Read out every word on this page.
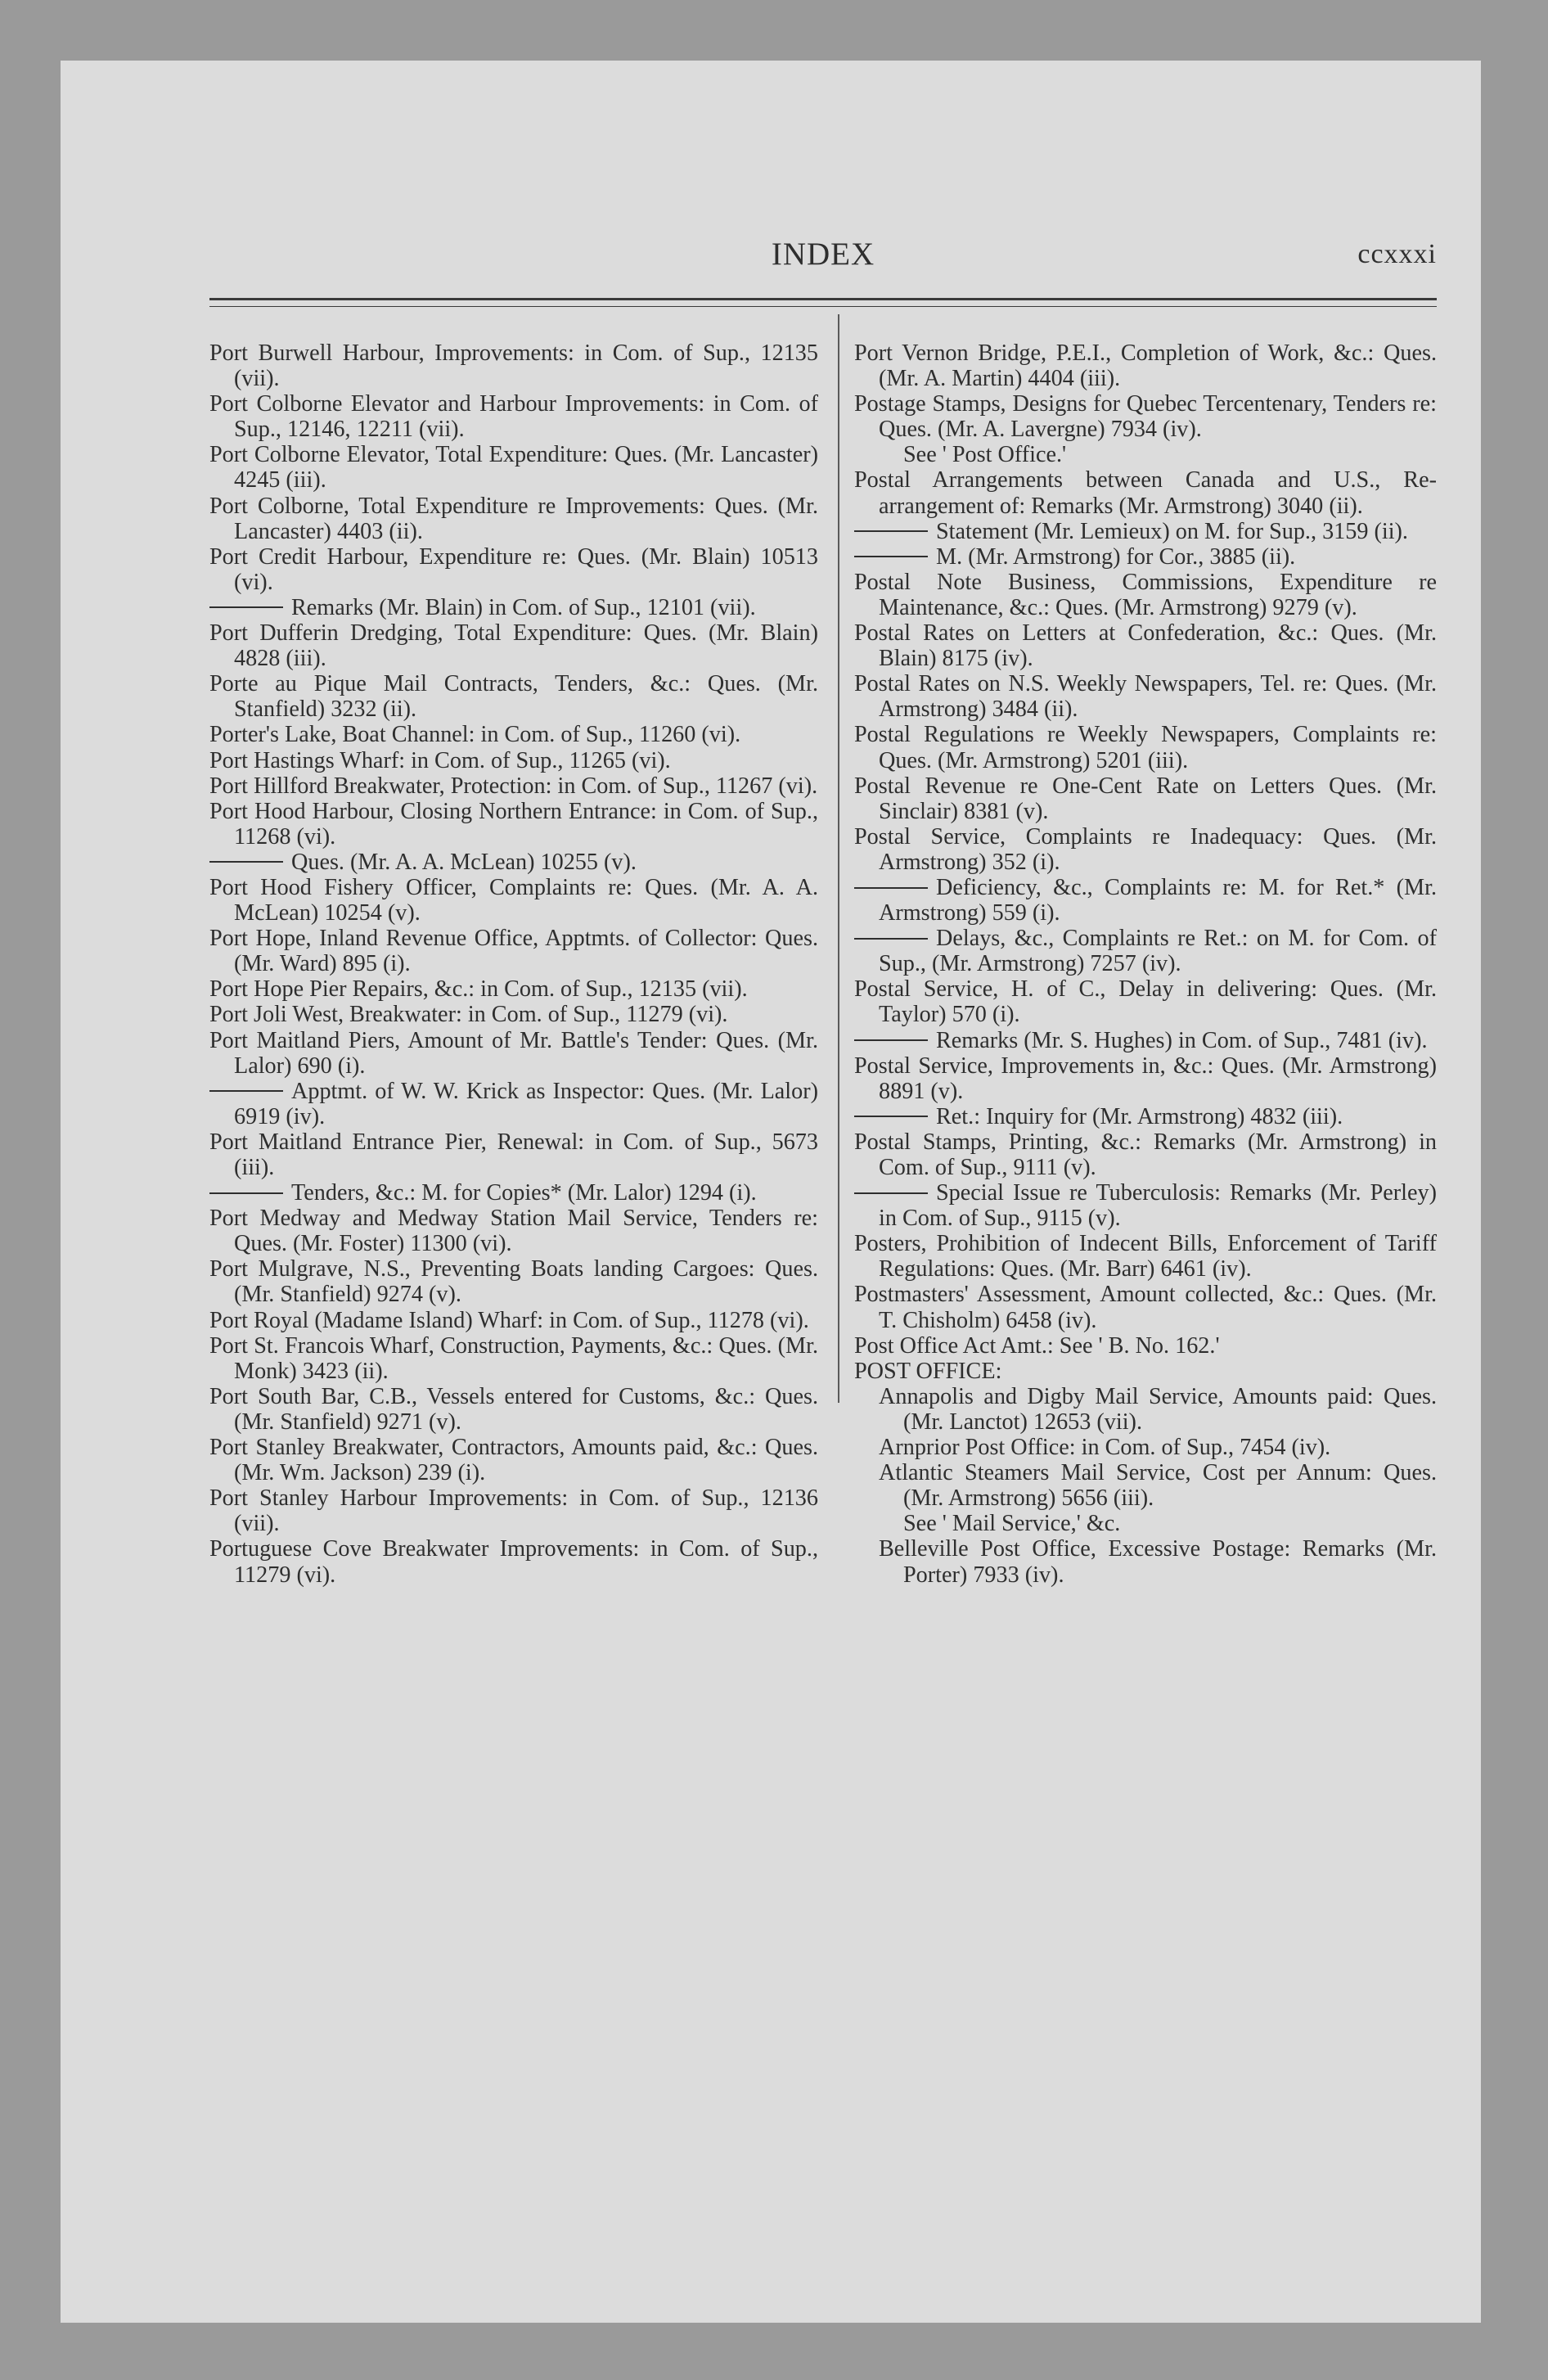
INDEX	ccxxxi

Port Burwell Harbour, Improvements: in Com. of Sup., 12135 (vii).

Port Colborne Elevator and Harbour Improvements: in Com. of Sup., 12146, 12211 (vii).

Port Colborne Elevator, Total Expenditure: Ques. (Mr. Lancaster) 4245 (iii).

Port Colborne, Total Expenditure re Improvements: Ques. (Mr. Lancaster) 4403 (ii).

Port Credit Harbour, Expenditure re: Ques. (Mr. Blain) 10513 (vi).

Remarks (Mr. Blain) in Com. of Sup., 12101 (vii).

Port Dufferin Dredging, Total Expenditure: Ques. (Mr. Blain) 4828 (iii).

Porte au Pique Mail Contracts, Tenders, &c.: Ques. (Mr. Stanfield) 3232 (ii).

Porter's Lake, Boat Channel: in Com. of Sup., 11260 (vi).

Port Hastings Wharf: in Com. of Sup., 11265 (vi).

Port Hillford Breakwater, Protection: in Com. of Sup., 11267 (vi).

Port Hood Harbour, Closing Northern Entrance: in Com. of Sup., 11268 (vi).

Ques. (Mr. A. A. McLean) 10255 (v).

Port Hood Fishery Officer, Complaints re: Ques. (Mr. A. A. McLean) 10254 (v).

Port Hope, Inland Revenue Office, Apptmts. of Collector: Ques. (Mr. Ward) 895 (i).

Port Hope Pier Repairs, &c.: in Com. of Sup., 12135 (vii).

Port Joli West, Breakwater: in Com. of Sup., 11279 (vi).

Port Maitland Piers, Amount of Mr. Battle's Tender: Ques. (Mr. Lalor) 690 (i).

Apptmt. of W. W. Krick as Inspector: Ques. (Mr. Lalor) 6919 (iv).

Port Maitland Entrance Pier, Renewal: in Com. of Sup., 5673 (iii).

Tenders, &c.: M. for Copies* (Mr. Lalor) 1294 (i).

Port Medway and Medway Station Mail Service, Tenders re: Ques. (Mr. Foster) 11300 (vi).

Port Mulgrave, N.S., Preventing Boats landing Cargoes: Ques. (Mr. Stanfield) 9274 (v).

Port Royal (Madame Island) Wharf: in Com. of Sup., 11278 (vi).

Port St. Francois Wharf, Construction, Payments, &c.: Ques. (Mr. Monk) 3423 (ii).

Port South Bar, C.B., Vessels entered for Customs, &c.: Ques. (Mr. Stanfield) 9271 (v).

Port Stanley Breakwater, Contractors, Amounts paid, &c.: Ques. (Mr. Wm. Jackson) 239 (i).

Port Stanley Harbour Improvements: in Com. of Sup., 12136 (vii).

Portuguese Cove Breakwater Improvements: in Com. of Sup., 11279 (vi).

Port Vernon Bridge, P.E.I., Completion of Work, &c.: Ques. (Mr. A. Martin) 4404 (iii).

Postage Stamps, Designs for Quebec Tercentenary, Tenders re: Ques. (Mr. A. Lavergne) 7934 (iv).

See ' Post Office.'

Postal Arrangements between Canada and U.S., Re-arrangement of: Remarks (Mr. Armstrong) 3040 (ii).

Statement (Mr. Lemieux) on M. for Sup., 3159 (ii).

M. (Mr. Armstrong) for Cor., 3885 (ii).

Postal Note Business, Commissions, Expenditure re Maintenance, &c.: Ques. (Mr. Armstrong) 9279 (v).

Postal Rates on Letters at Confederation, &c.: Ques. (Mr. Blain) 8175 (iv).

Postal Rates on N.S. Weekly Newspapers, Tel. re: Ques. (Mr. Armstrong) 3484 (ii).

Postal Regulations re Weekly Newspapers, Complaints re: Ques. (Mr. Armstrong) 5201 (iii).

Postal Revenue re One-Cent Rate on Letters Ques. (Mr. Sinclair) 8381 (v).

Postal Service, Complaints re Inadequacy: Ques. (Mr. Armstrong) 352 (i).

Deficiency, &c., Complaints re: M. for Ret.* (Mr. Armstrong) 559 (i).

Delays, &c., Complaints re Ret.: on M. for Com. of Sup., (Mr. Armstrong) 7257 (iv).

Postal Service, H. of C., Delay in delivering: Ques. (Mr. Taylor) 570 (i).

Remarks (Mr. S. Hughes) in Com. of Sup., 7481 (iv).

Postal Service, Improvements in, &c.: Ques. (Mr. Armstrong) 8891 (v).

Ret.: Inquiry for (Mr. Armstrong) 4832 (iii).

Postal Stamps, Printing, &c.: Remarks (Mr. Armstrong) in Com. of Sup., 9111 (v).

Special Issue re Tuberculosis: Remarks (Mr. Perley) in Com. of Sup., 9115 (v).

Posters, Prohibition of Indecent Bills, Enforcement of Tariff Regulations: Ques. (Mr. Barr) 6461 (iv).

Postmasters' Assessment, Amount collected, &c.: Ques. (Mr. T. Chisholm) 6458 (iv).

Post Office Act Amt.: See ' B. No. 162.'

POST OFFICE:

Annapolis and Digby Mail Service, Amounts paid: Ques. (Mr. Lanctot) 12653 (vii).

Arnprior Post Office: in Com. of Sup., 7454 (iv).

Atlantic Steamers Mail Service, Cost per Annum: Ques. (Mr. Armstrong) 5656 (iii).

See ' Mail Service,' &c.

Belleville Post Office, Excessive Postage: Remarks (Mr. Porter) 7933 (iv).
